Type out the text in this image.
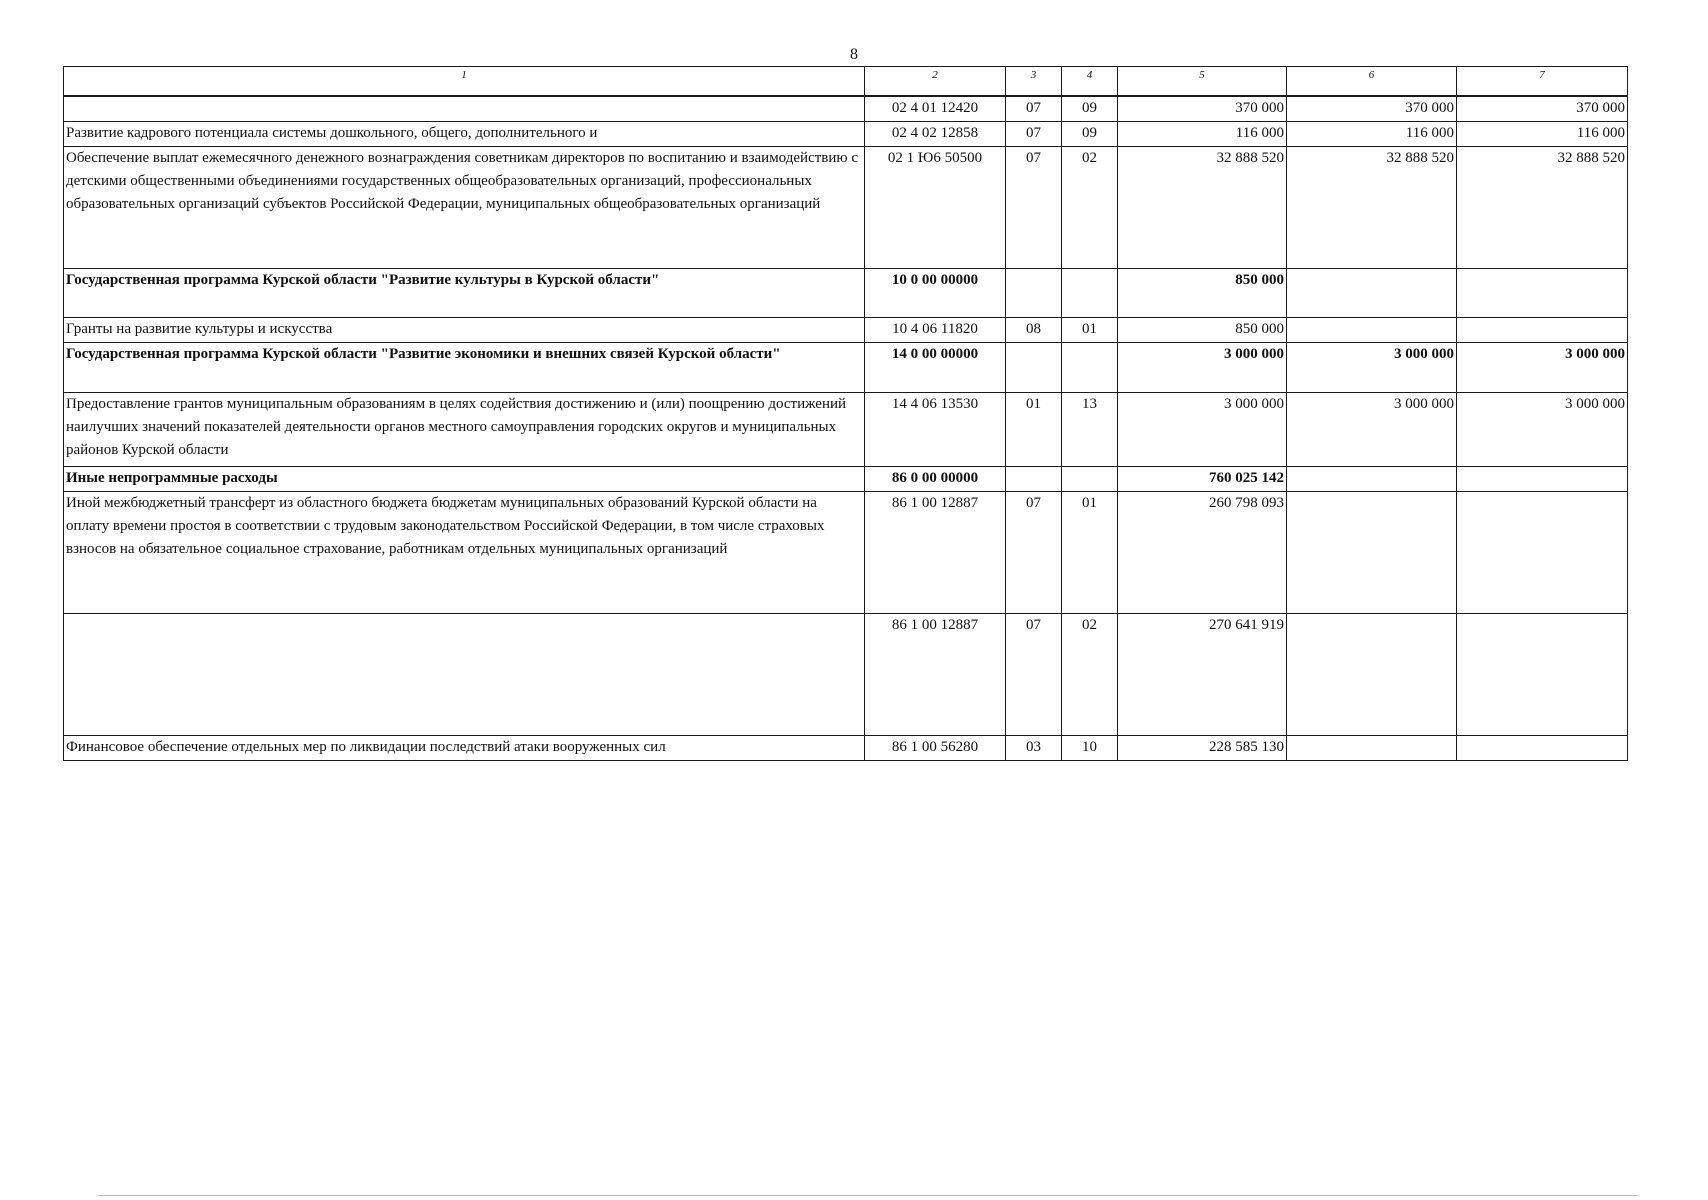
8
1	2	3	4	5	6	7
	02 4 01 12420	07	09	370 000	370 000	370 000
Развитие кадрового потенциала системы дошкольного, общего, дополнительного и	02 4 02 12858	07	09	116 000	116 000	116 000
Обеспечение выплат ежемесячного денежного вознаграждения советникам директоров по воспитанию и взаимодействию с детскими общественными объединениями государственных общеобразовательных организаций, профессиональных образовательных организаций субъектов Российской Федерации, муниципальных общеобразовательных организаций	02 1 Ю6 50500	07	02	32 888 520	32 888 520	32 888 520
Государственная программа Курской области "Развитие культуры в Курской области"	10 0 00 00000			850 000		
Гранты на развитие культуры и искусства	10 4 06 11820	08	01	850 000		
Государственная программа Курской области "Развитие экономики и внешних связей Курской области"	14 0 00 00000			3 000 000	3 000 000	3 000 000
Предоставление грантов муниципальным образованиям в целях содействия достижению и (или) поощрению достижений наилучших значений показателей деятельности органов местного самоуправления городских округов и муниципальных районов Курской области	14 4 06 13530	01	13	3 000 000	3 000 000	3 000 000
Иные непрограммные расходы	86 0 00 00000			760 025 142		
Иной межбюджетный трансферт из областного бюджета бюджетам муниципальных образований Курской области на оплату времени простоя в соответствии с трудовым законодательством Российской Федерации, в том числе страховых взносов на обязательное социальное страхование, работникам отдельных муниципальных организаций	86 1 00 12887	07	01	260 798 093		
	86 1 00 12887	07	02	270 641 919		
Финансовое обеспечение отдельных мер по ликвидации последствий атаки вооруженных сил	86 1 00 56280	03	10	228 585 130		
